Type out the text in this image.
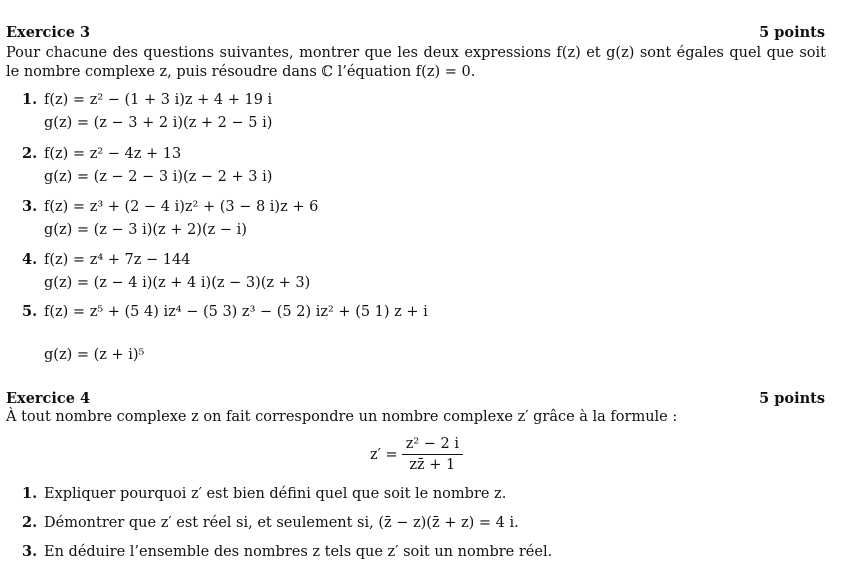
Exercice 3	5 points
Pour chacune des questions suivantes, montrer que les deux expressions f(z) et g(z) sont égales quel que soit le nombre complexe z, puis résoudre dans ℂ l’équation f(z) = 0.
1. f(z) = z² − (1 + 3 i)z + 4 + 19 i
g(z) = (z − 3 + 2 i)(z + 2 − 5 i)
2. f(z) = z² − 4z + 13
g(z) = (z − 2 − 3 i)(z − 2 + 3 i)
3. f(z) = z³ + (2 − 4 i)z² + (3 − 8 i)z + 6
g(z) = (z − 3 i)(z + 2)(z − i)
4. f(z) = z⁴ + 7z − 144
g(z) = (z − 4 i)(z + 4 i)(z − 3)(z + 3)
5. f(z) = z⁵ + (5 4) iz⁴ − (5 3) z³ − (5 2) iz² + (5 1) z + i
g(z) = (z + i)⁵
Exercice 4	5 points
À tout nombre complexe z on fait correspondre un nombre complexe z′ grâce à la formule :
$z' = \frac{\text{z² − 2 i}}{zz̄ + 1}$
1. Expliquer pourquoi z′ est bien défini quel que soit le nombre z.
2. Démontrer que z′ est réel si, et seulement si, (z̄ − z)(z̄ + z) = 4 i.
3. En déduire l’ensemble des nombres z tels que z′ soit un nombre réel.
